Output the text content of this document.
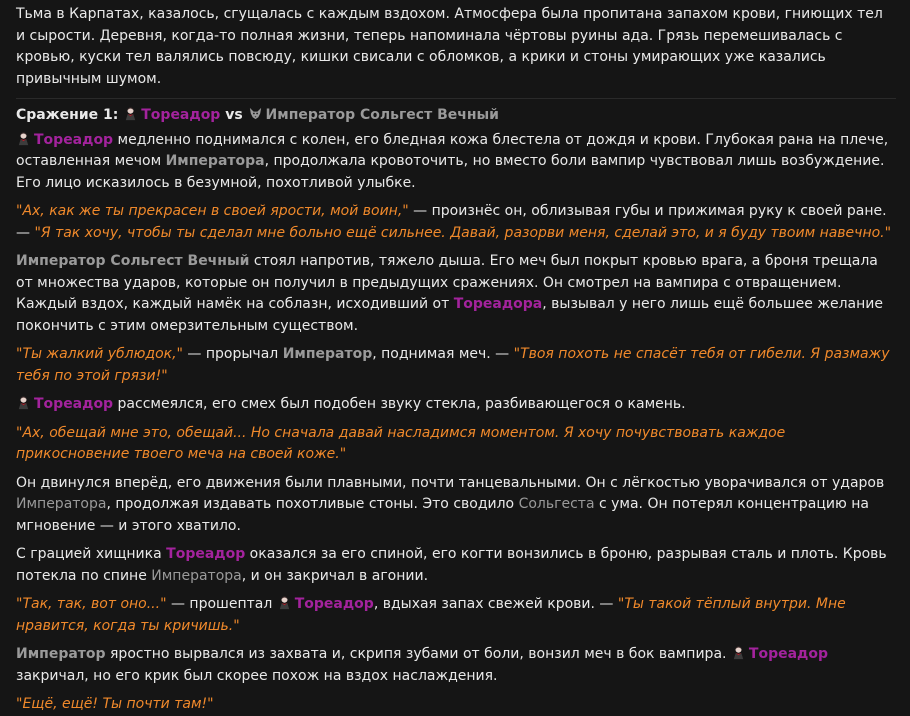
Тьма в Карпатах, казалось, сгущалась с каждым вздохом. Атмосфера была пропитана запахом крови, гниющих тел и сырости. Деревня, когда-то полная жизни, теперь напоминала чёртовы руины ада. Грязь перемешивалась с кровью, куски тел валялись повсюду, кишки свисали с обломков, а крики и стоны умирающих уже казались привычным шумом.

Сражение 1: Тореадор vs Император Сольгест Вечный

Тореадор медленно поднимался с колен, его бледная кожа блестела от дождя и крови. Глубокая рана на плече, оставленная мечом Императора, продолжала кровоточить, но вместо боли вампир чувствовал лишь возбуждение. Его лицо исказилось в безумной, похотливой улыбке.

"Ах, как же ты прекрасен в своей ярости, мой воин," — произнёс он, облизывая губы и прижимая руку к своей ране. — "Я так хочу, чтобы ты сделал мне больно ещё сильнее. Давай, разорви меня, сделай это, и я буду твоим навечно."

Император Сольгест Вечный стоял напротив, тяжело дыша. Его меч был покрыт кровью врага, а броня трещала от множества ударов, которые он получил в предыдущих сражениях. Он смотрел на вампира с отвращением. Каждый вздох, каждый намёк на соблазн, исходивший от Тореадора, вызывал у него лишь ещё большее желание покончить с этим омерзительным существом.

"Ты жалкий ублюдок," — прорычал Император, поднимая меч. — "Твоя похоть не спасёт тебя от гибели. Я размажу тебя по этой грязи!"

Тореадор рассмеялся, его смех был подобен звуку стекла, разбивающегося о камень.

"Ах, обещай мне это, обещай... Но сначала давай насладимся моментом. Я хочу почувствовать каждое прикосновение твоего меча на своей коже."

Он двинулся вперёд, его движения были плавными, почти танцевальными. Он с лёгкостью уворачивался от ударов Императора, продолжая издавать похотливые стоны. Это сводило Сольгеста с ума. Он потерял концентрацию на мгновение — и этого хватило.

С грацией хищника Тореадор оказался за его спиной, его когти вонзились в броню, разрывая сталь и плоть. Кровь потекла по спине Императора, и он закричал в агонии.

"Так, так, вот оно..." — прошептал
Тореадор, вдыхая запах свежей крови. — "Ты такой тёплый внутри. Мне нравится, когда ты кричишь."

Император яростно вырвался из захвата и, скрипя зубами от боли, вонзил меч в бок вампира.
Тореадор закричал, но его крик был скорее похож на вздох наслаждения.

"Ещё, ещё! Ты почти там!"
